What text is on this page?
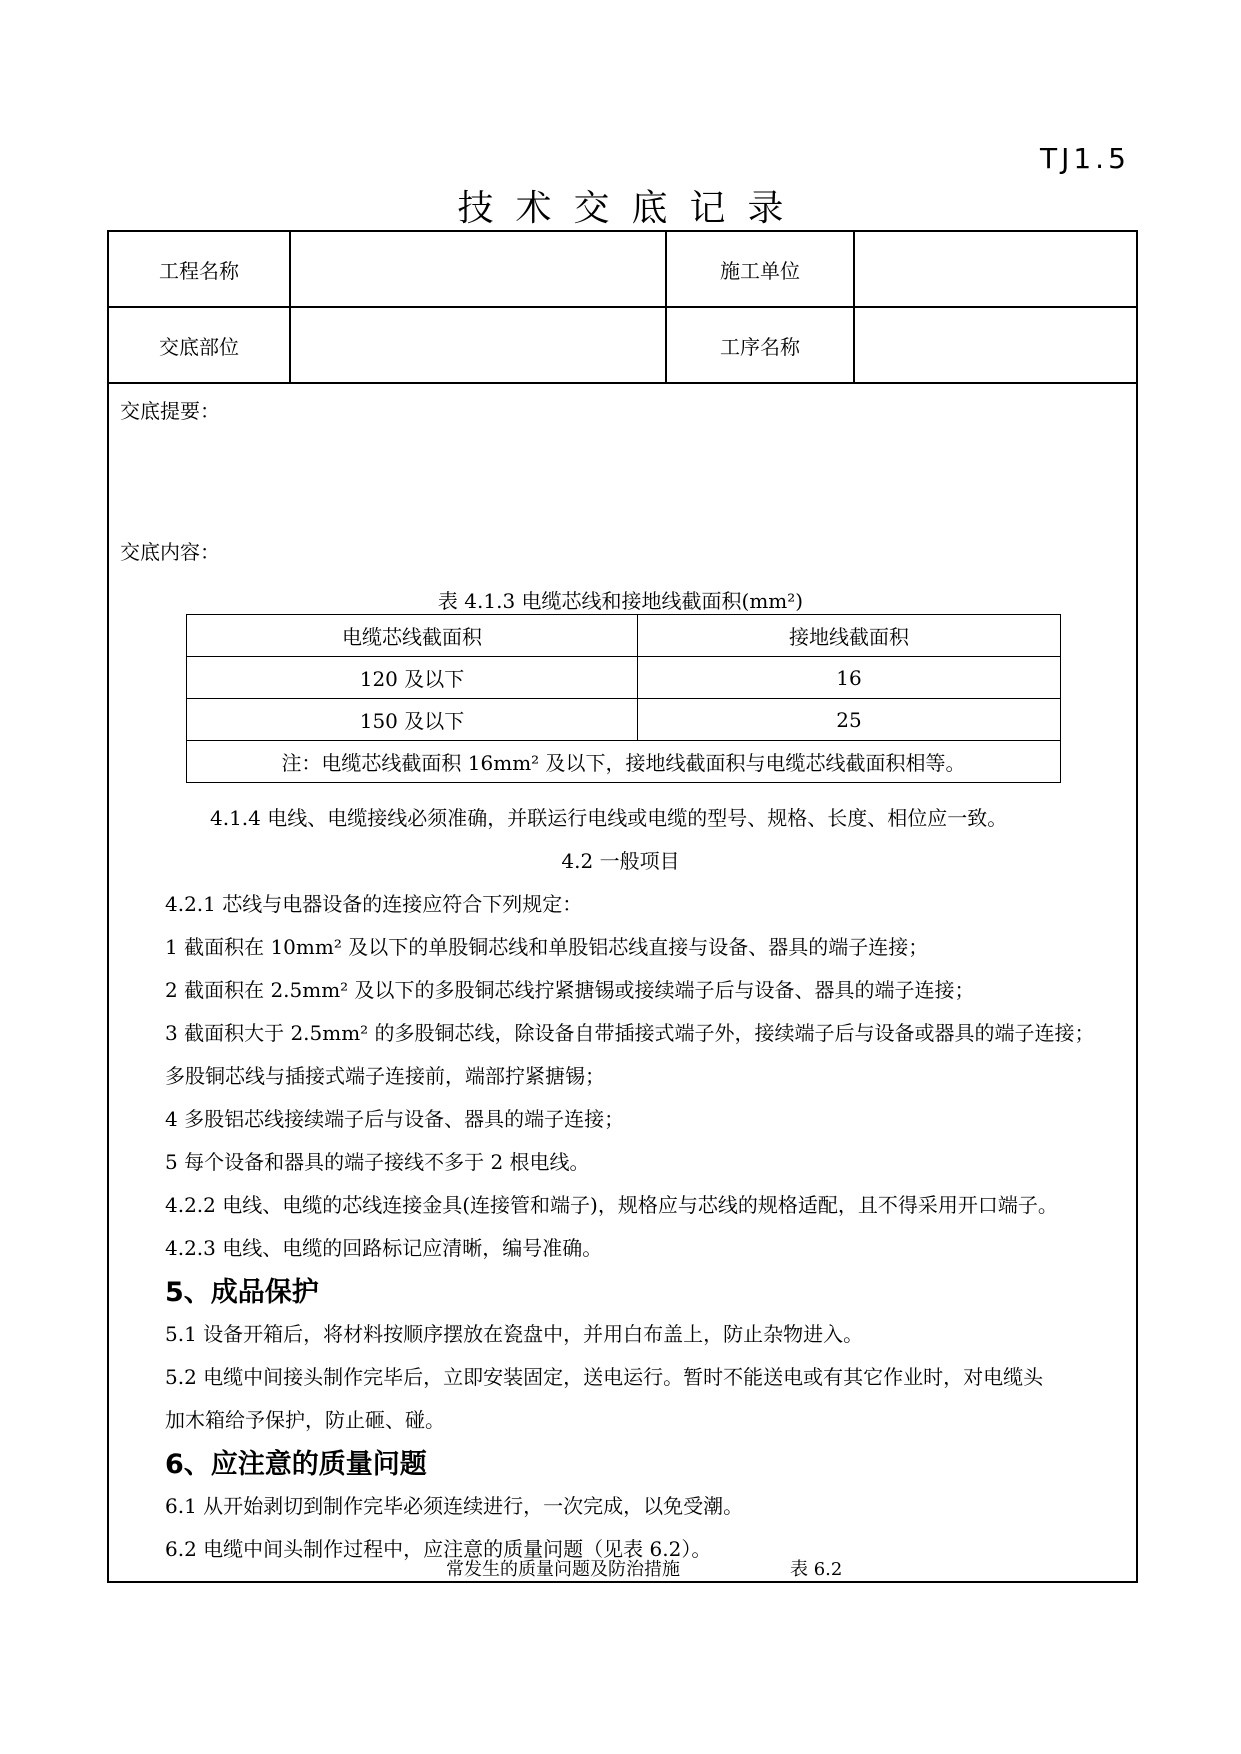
TJ1.5
技术交底记录
工程名称	施工单位
交底部位	工序名称
交底提要：
交底内容：
表 4.1.3 电缆芯线和接地线截面积(mm²)
电缆芯线截面积	接地线截面积
120 及以下	16
150 及以下	25
注：电缆芯线截面积 16mm² 及以下，接地线截面积与电缆芯线截面积相等。	
4.1.4 电线、电缆接线必须准确，并联运行电线或电缆的型号、规格、长度、相位应一致。
4.2 一般项目
4.2.1 芯线与电器设备的连接应符合下列规定：
1 截面积在 10mm² 及以下的单股铜芯线和单股铝芯线直接与设备、器具的端子连接；
2 截面积在 2.5mm² 及以下的多股铜芯线拧紧搪锡或接续端子后与设备、器具的端子连接；
3 截面积大于 2.5mm² 的多股铜芯线，除设备自带插接式端子外，接续端子后与设备或器具的端子连接；
多股铜芯线与插接式端子连接前，端部拧紧搪锡；
4 多股铝芯线接续端子后与设备、器具的端子连接；
5 每个设备和器具的端子接线不多于 2 根电线。
4.2.2 电线、电缆的芯线连接金具(连接管和端子)，规格应与芯线的规格适配，且不得采用开口端子。
4.2.3 电线、电缆的回路标记应清晰，编号准确。
5、成品保护
5.1 设备开箱后，将材料按顺序摆放在瓷盘中，并用白布盖上，防止杂物进入。
5.2 电缆中间接头制作完毕后，立即安装固定，送电运行。暂时不能送电或有其它作业时，对电缆头
加木箱给予保护，防止砸、碰。
6、应注意的质量问题
6.1 从开始剥切到制作完毕必须连续进行，一次完成，以免受潮。
6.2 电缆中间头制作过程中，应注意的质量问题（见表 6.2）。
常发生的质量问题及防治措施	表 6.2
